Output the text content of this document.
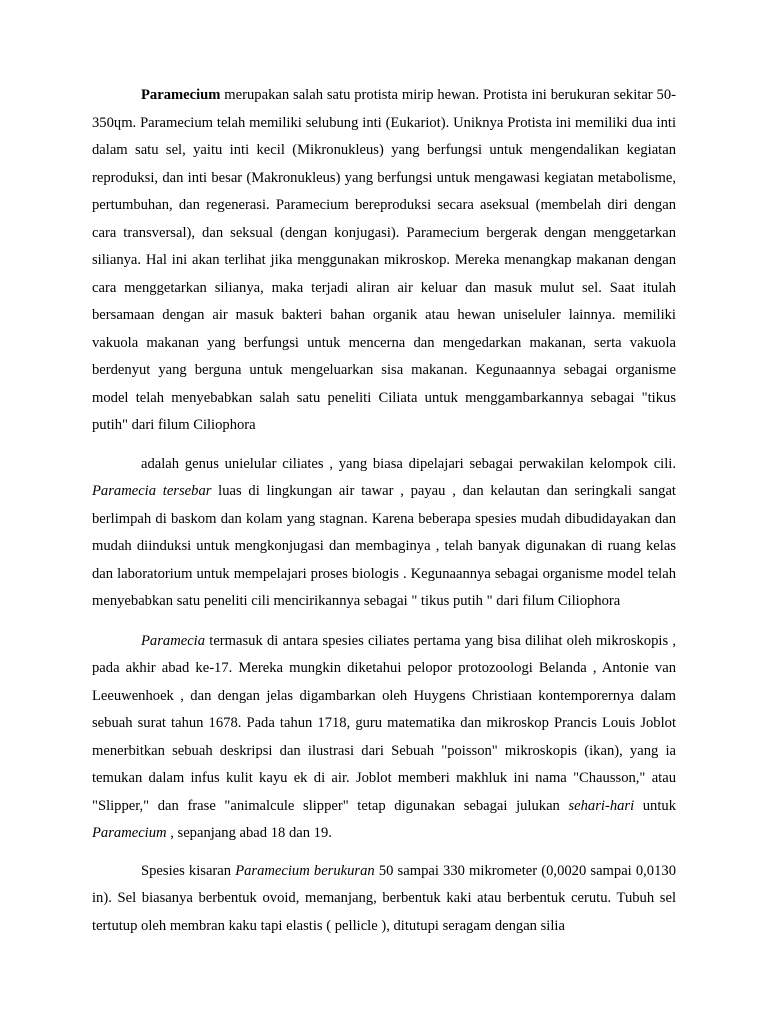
Paramecium merupakan salah satu protista mirip hewan. Protista ini berukuran sekitar 50-350ɥm. Paramecium telah memiliki selubung inti (Eukariot). Uniknya Protista ini memiliki dua inti dalam satu sel, yaitu inti kecil (Mikronukleus) yang berfungsi untuk mengendalikan kegiatan reproduksi, dan inti besar (Makronukleus) yang berfungsi untuk mengawasi kegiatan metabolisme, pertumbuhan, dan regenerasi. Paramecium bereproduksi secara aseksual (membelah diri dengan cara transversal), dan seksual (dengan konjugasi). Paramecium bergerak dengan menggetarkan silianya. Hal ini akan terlihat jika menggunakan mikroskop. Mereka menangkap makanan dengan cara menggetarkan silianya, maka terjadi aliran air keluar dan masuk mulut sel. Saat itulah bersamaan dengan air masuk bakteri bahan organik atau hewan uniseluler lainnya. memiliki vakuola makanan yang berfungsi untuk mencerna dan mengedarkan makanan, serta vakuola berdenyut yang berguna untuk mengeluarkan sisa makanan. Kegunaannya sebagai organisme model telah menyebabkan salah satu peneliti Ciliata untuk menggambarkannya sebagai "tikus putih" dari filum Ciliophora

adalah genus unielular ciliates , yang biasa dipelajari sebagai perwakilan kelompok cili. Paramecia tersebar luas di lingkungan air tawar , payau , dan kelautan dan seringkali sangat berlimpah di baskom dan kolam yang stagnan. Karena beberapa spesies mudah dibudidayakan dan mudah diinduksi untuk mengkonjugasi dan membaginya , telah banyak digunakan di ruang kelas dan laboratorium untuk mempelajari proses biologis . Kegunaannya sebagai organisme model telah menyebabkan satu peneliti cili mencirikannya sebagai " tikus putih " dari filum Ciliophora

Paramecia termasuk di antara spesies ciliates pertama yang bisa dilihat oleh mikroskopis , pada akhir abad ke-17. Mereka mungkin diketahui pelopor protozoologi Belanda , Antonie van Leeuwenhoek , dan dengan jelas digambarkan oleh Huygens Christiaan kontemporernya dalam sebuah surat tahun 1678. Pada tahun 1718, guru matematika dan mikroskop Prancis Louis Joblot menerbitkan sebuah deskripsi dan ilustrasi dari Sebuah "poisson" mikroskopis (ikan), yang ia temukan dalam infus kulit kayu ek di air. Joblot memberi makhluk ini nama "Chausson," atau "Slipper," dan frase "animalcule slipper" tetap digunakan sebagai julukan sehari-hari untuk Paramecium , sepanjang abad 18 dan 19.

Spesies kisaran Paramecium berukuran 50 sampai 330 mikrometer (0,0020 sampai 0,0130 in). Sel biasanya berbentuk ovoid, memanjang, berbentuk kaki atau berbentuk cerutu. Tubuh sel tertutup oleh membran kaku tapi elastis ( pellicle ), ditutupi seragam dengan silia
